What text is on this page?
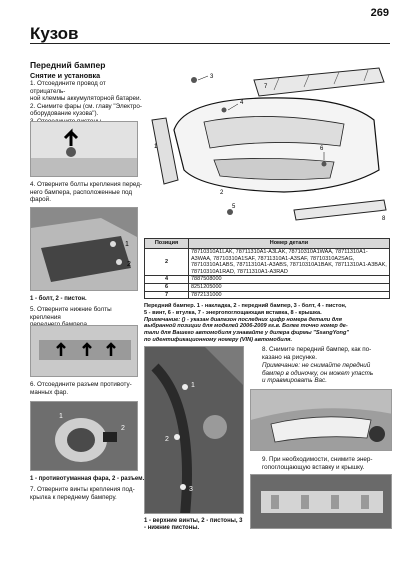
Кузов
269
Передний бампер
Снятие и установка
1. Отсоедините провод от отрицатель-
ной клеммы аккумуляторной батареи.
2. Снимите фары (см. главу "Электро-
оборудование кузова").
4. Отверните болты крепления перед-
него бампера, расположенные под
фарой.
1
2
1 - болт, 2 - пистон.
5. Отверните нижние болты крепления
6. Отсоедините разъем противоту-
манных фар.
1
2
1 - противотуманная фара, 2 - разъем.
7. Отверните винты крепления под-
крылка к переднему бамперу.
3
4
7
1
2
6
5
8
Позиция	Номер детали
2	78710310A1LAK, 78711310A1-A3LAK, 78710310A1WAA, 78711310A1-A3WAA, 78710310A1SAF, 78711310A1-A3SAF, 78710310A2SAG, 78710310A1ABS, 78711310A1-A3ABS, 78710310A1BAK, 78711310A1-A3BAK, 78710310A1RAD, 78711310A1-A3RAD
4	7887508000
6	8251205000
7	7872131000
Передний бампер. 1 - накладка, 2 - передний бампер, 3 - болт, 4 - пистон,
5 - винт, 6 - втулка, 7 - энергопоглощающая вставка, 8 - крышка.
Примечание: () - указан диапазон последних цифр номера детали для
выбранной позиции для моделей 2006-2009 гг.в. Более точно номер де-
тали для Вашего автомобиля узнавайте у дилера фирмы "SsangYong"
по идентификационному номеру (VIN) автомобиля.
1
2
3
1 - верхние винты, 2 - пистоны, 3 - нижние пистоны.
8. Снимите передний бампер, как по-
казано на рисунке.
Примечание: не снимайте передний
бампер в одиночку, он может упасть
и травмировать Вас.
9. При необходимости, снимите энер-
гопоглощающую вставку и крышку.
